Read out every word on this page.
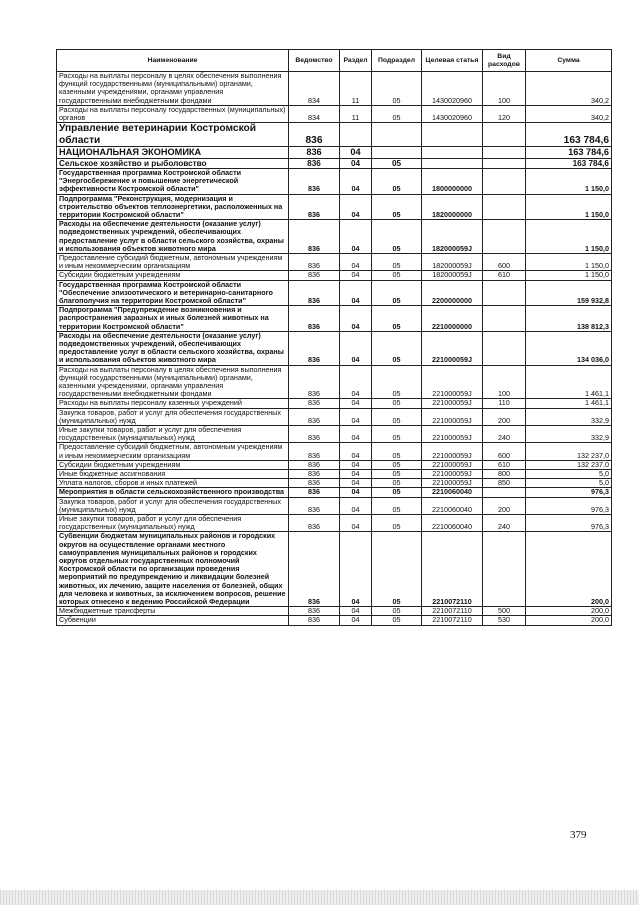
Наименование	Ведомство	Раздел	Подраздел	Целевая статья	Вид расходов	Сумма
Расходы на выплаты персоналу в целях обеспечения выполнения функций государственными (муниципальными) органами, казенными учреждениями, органами управления государственными внебюджетными фондами	834	11	05	1430020960	100	340,2
Расходы на выплаты персоналу государственных (муниципальных) органов	834	11	05	1430020960	120	340,2
Управление ветеринарии Костромской области	836					163 784,6
НАЦИОНАЛЬНАЯ ЭКОНОМИКА	836	04				163 784,6
Сельское хозяйство и рыболовство	836	04	05			163 784,6
Государственная программа Костромской области "Энергосбережение и повышение энергетической эффективности Костромской области"	836	04	05	1800000000		1 150,0
Подпрограмма "Реконструкция, модернизация и строительство объектов теплоэнергетики, расположенных на территории Костромской области"	836	04	05	1820000000		1 150,0
Расходы на обеспечение деятельности (оказание услуг) подведомственных учреждений, обеспечивающих предоставление услуг в области сельского хозяйства, охраны и использования объектов животного мира	836	04	05	182000059J		1 150,0
Предоставление субсидий бюджетным, автономным учреждениям и иным некоммерческим организациям	836	04	05	182000059J	600	1 150,0
Субсидии бюджетным учреждениям	836	04	05	182000059J	610	1 150,0
Государственная программа Костромской области "Обеспечение эпизоотического и ветеринарно-санитарного благополучия на территории Костромской области"	836	04	05	2200000000		159 932,8
Подпрограмма "Предупреждение возникновения и распространения заразных и иных болезней животных на территории Костромской области"	836	04	05	2210000000		138 812,3
Расходы на обеспечение деятельности (оказание услуг) подведомственных учреждений, обеспечивающих предоставление услуг в области сельского хозяйства, охраны и использования объектов животного мира	836	04	05	221000059J		134 036,0
Расходы на выплаты персоналу в целях обеспечения выполнения функций государственными (муниципальными) органами, казенными учреждениями, органами управления государственными внебюджетными фондами	836	04	05	221000059J	100	1 461,1
Расходы на выплаты персоналу казенных учреждений	836	04	05	221000059J	110	1 461,1
Закупка товаров, работ и услуг для обеспечения государственных (муниципальных) нужд	836	04	05	221000059J	200	332,9
Иные закупки товаров, работ и услуг для обеспечения государственных (муниципальных) нужд	836	04	05	221000059J	240	332,9
Предоставление субсидий бюджетным, автономным учреждениям и иным некоммерческим организациям	836	04	05	221000059J	600	132 237,0
Субсидии бюджетным учреждениям	836	04	05	221000059J	610	132 237,0
Иные бюджетные ассигнования	836	04	05	221000059J	800	5,0
Уплата налогов, сборов и иных платежей	836	04	05	221000059J	850	5,0
Мероприятия в области сельскохозяйственного производства	836	04	05	2210060040		976,3
Закупка товаров, работ и услуг для обеспечения государственных (муниципальных) нужд	836	04	05	2210060040	200	976,3
Иные закупки товаров, работ и услуг для обеспечения государственных (муниципальных) нужд	836	04	05	2210060040	240	976,3
Субвенции бюджетам муниципальных районов и городских округов на осуществление органами местного самоуправления муниципальных районов и городских округов отдельных государственных полномочий Костромской области по организации проведения мероприятий по предупреждению и ликвидации болезней животных, их лечению, защите населения от болезней, общих для человека и животных, за исключением вопросов, решение которых отнесено к ведению Российской Федерации	836	04	05	2210072110		200,0
Межбюджетные трансферты	836	04	05	2210072110	500	200,0
Субвенции	836	04	05	2210072110	530	200,0
379
